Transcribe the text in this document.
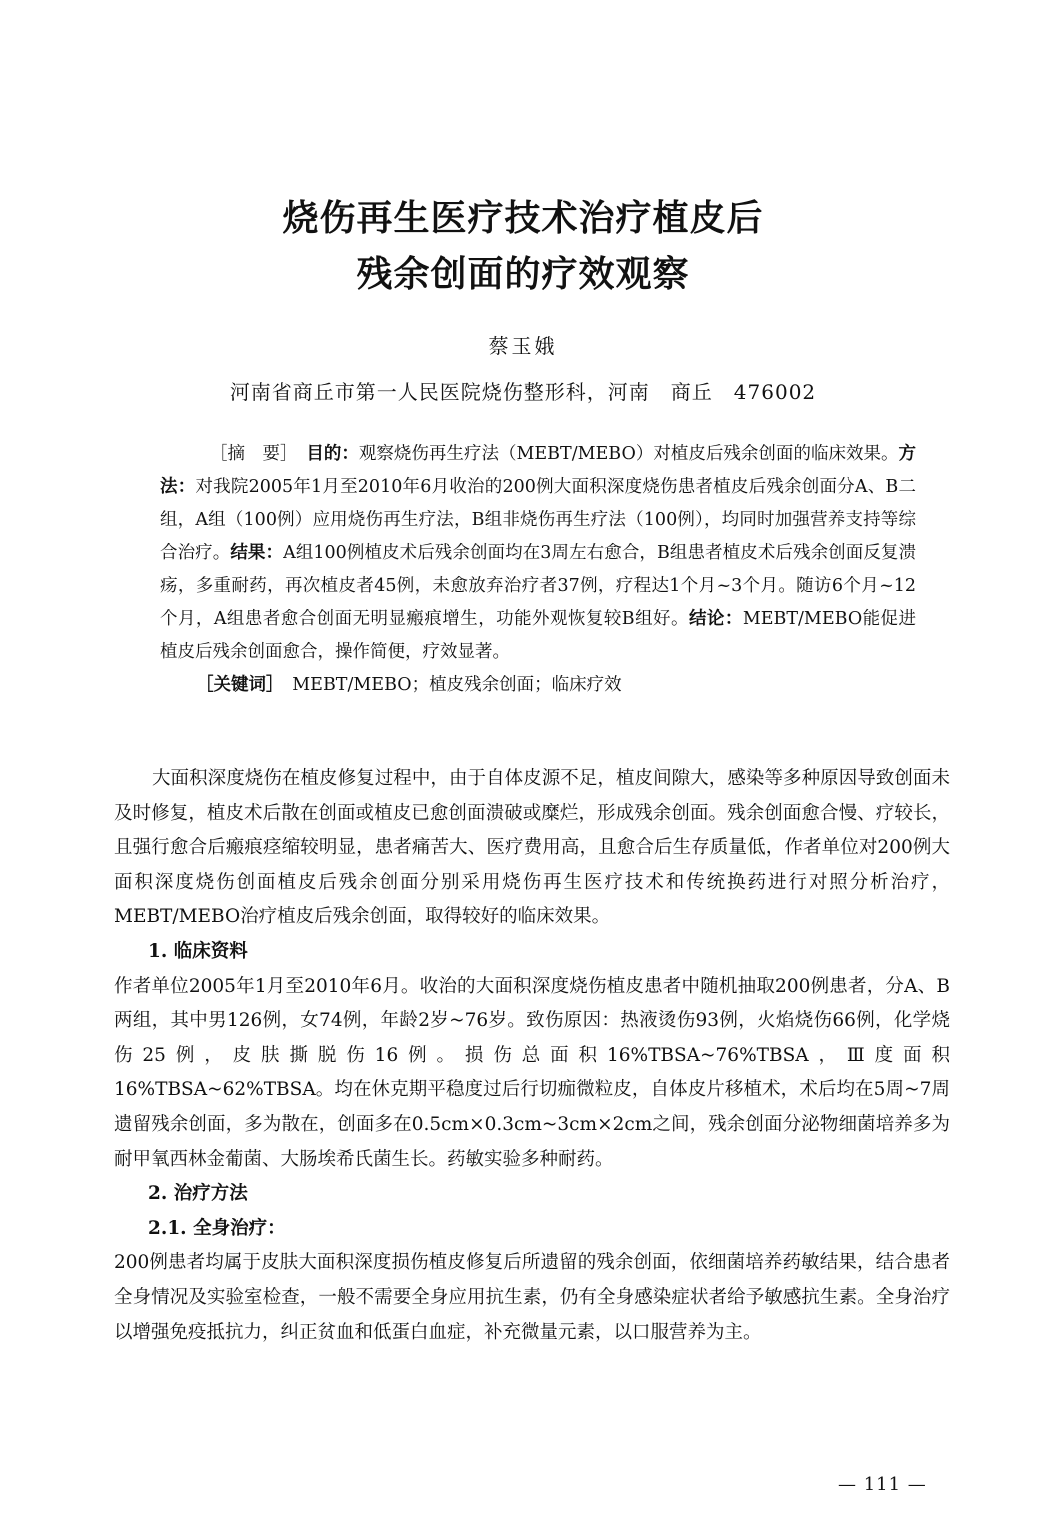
烧伤再生医疗技术治疗植皮后
残余创面的疗效观察
蔡玉娥
河南省商丘市第一人民医院烧伤整形科，河南　商丘　476002

［摘　要］　 目的：观察烧伤再生疗法（MEBT/MEBO）对植皮后残余创面的临床效果。方法：对我院2005年1月至2010年6月收治的200例大面积深度烧伤患者植皮后残余创面分A、B二组，A组（100例）应用烧伤再生疗法，B组非烧伤再生疗法（100例），均同时加强营养支持等综合治疗。结果：A组100例植皮术后残余创面均在3周左右愈合，B组患者植皮术后残余创面反复溃疡，多重耐药，再次植皮者45例，未愈放弃治疗者37例，疗程达1个月~3个月。随访6个月~12个月，A组患者愈合创面无明显瘢痕增生，功能外观恢复较B组好。结论：MEBT/MEBO能促进植皮后残余创面愈合，操作简便，疗效显著。

［关键词］　 MEBT/MEBO；植皮残余创面；临床疗效

大面积深度烧伤在植皮修复过程中，由于自体皮源不足，植皮间隙大，感染等多种原因导致创面未及时修复，植皮术后散在创面或植皮已愈创面溃破或糜烂，形成残余创面。残余创面愈合慢、疗较长，且强行愈合后瘢痕痉缩较明显，患者痛苦大、医疗费用高，且愈合后生存质量低，作者单位对200例大面积深度烧伤创面植皮后残余创面分别采用烧伤再生医疗技术和传统换药进行对照分析治疗，MEBT/MEBO治疗植皮后残余创面，取得较好的临床效果。

1. 临床资料

作者单位2005年1月至2010年6月。收治的大面积深度烧伤植皮患者中随机抽取200例患者，分A、B两组，其中男126例，女74例，年龄2岁~76岁。致伤原因：热液烫伤93例，火焰烧伤66例，化学烧伤25例，皮肤撕脱伤16例。损伤总面积16%TBSA~76%TBSA，Ⅲ度面积16%TBSA~62%TBSA。均在休克期平稳度过后行切痂微粒皮，自体皮片移植术，术后均在5周~7周遗留残余创面，多为散在，创面多在0.5cm×0.3cm~3cm×2cm之间，残余创面分泌物细菌培养多为耐甲氧西林金葡菌、大肠埃希氏菌生长。药敏实验多种耐药。

2. 治疗方法

2.1. 全身治疗：

200例患者均属于皮肤大面积深度损伤植皮修复后所遗留的残余创面，依细菌培养药敏结果，结合患者全身情况及实验室检查，一般不需要全身应用抗生素，仍有全身感染症状者给予敏感抗生素。全身治疗以增强免疫抵抗力，纠正贫血和低蛋白血症，补充微量元素，以口服营养为主。

— 111 —
